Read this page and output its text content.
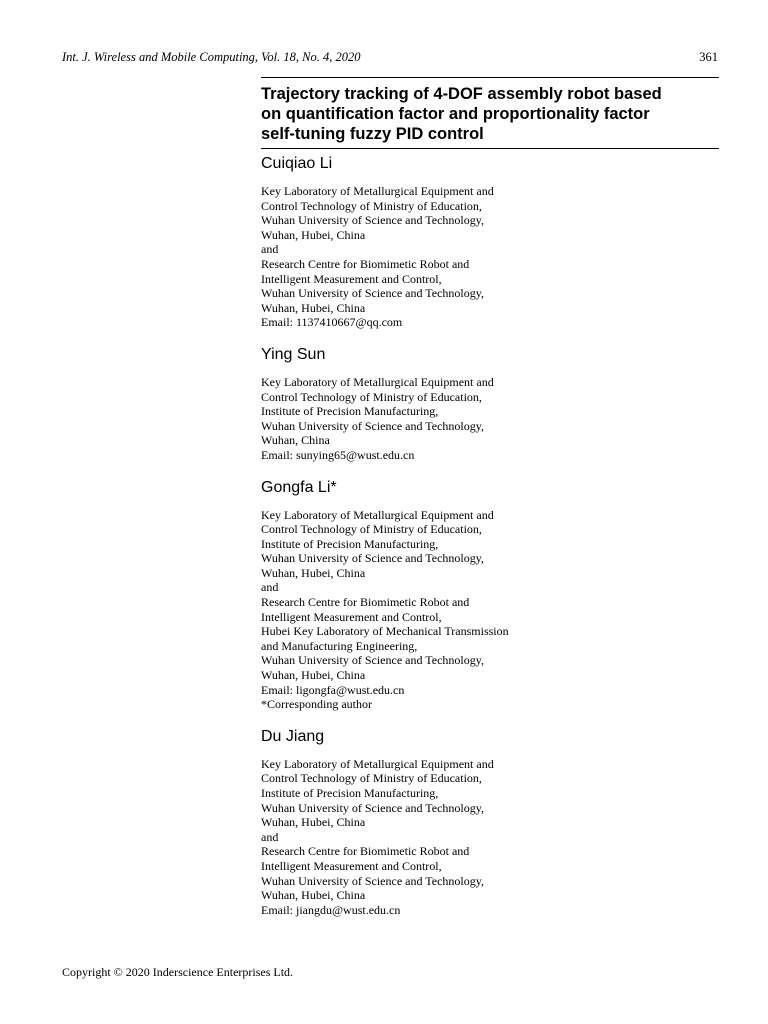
Int. J. Wireless and Mobile Computing, Vol. 18, No. 4, 2020	361
Trajectory tracking of 4-DOF assembly robot based
on quantification factor and proportionality factor
self-tuning fuzzy PID control
Cuiqiao Li
Key Laboratory of Metallurgical Equipment and
Control Technology of Ministry of Education,
Wuhan University of Science and Technology,
Wuhan, Hubei, China
and
Research Centre for Biomimetic Robot and
Intelligent Measurement and Control,
Wuhan University of Science and Technology,
Wuhan, Hubei, China
Email: 1137410667@qq.com
Ying Sun
Key Laboratory of Metallurgical Equipment and
Control Technology of Ministry of Education,
Institute of Precision Manufacturing,
Wuhan University of Science and Technology,
Wuhan, China
Email: sunying65@wust.edu.cn
Gongfa Li*
Key Laboratory of Metallurgical Equipment and
Control Technology of Ministry of Education,
Institute of Precision Manufacturing,
Wuhan University of Science and Technology,
Wuhan, Hubei, China
and
Research Centre for Biomimetic Robot and
Intelligent Measurement and Control,
Hubei Key Laboratory of Mechanical Transmission
and Manufacturing Engineering,
Wuhan University of Science and Technology,
Wuhan, Hubei, China
Email: ligongfa@wust.edu.cn
*Corresponding author
Du Jiang
Key Laboratory of Metallurgical Equipment and
Control Technology of Ministry of Education,
Institute of Precision Manufacturing,
Wuhan University of Science and Technology,
Wuhan, Hubei, China
and
Research Centre for Biomimetic Robot and
Intelligent Measurement and Control,
Wuhan University of Science and Technology,
Wuhan, Hubei, China
Email: jiangdu@wust.edu.cn
Copyright © 2020 Inderscience Enterprises Ltd.
